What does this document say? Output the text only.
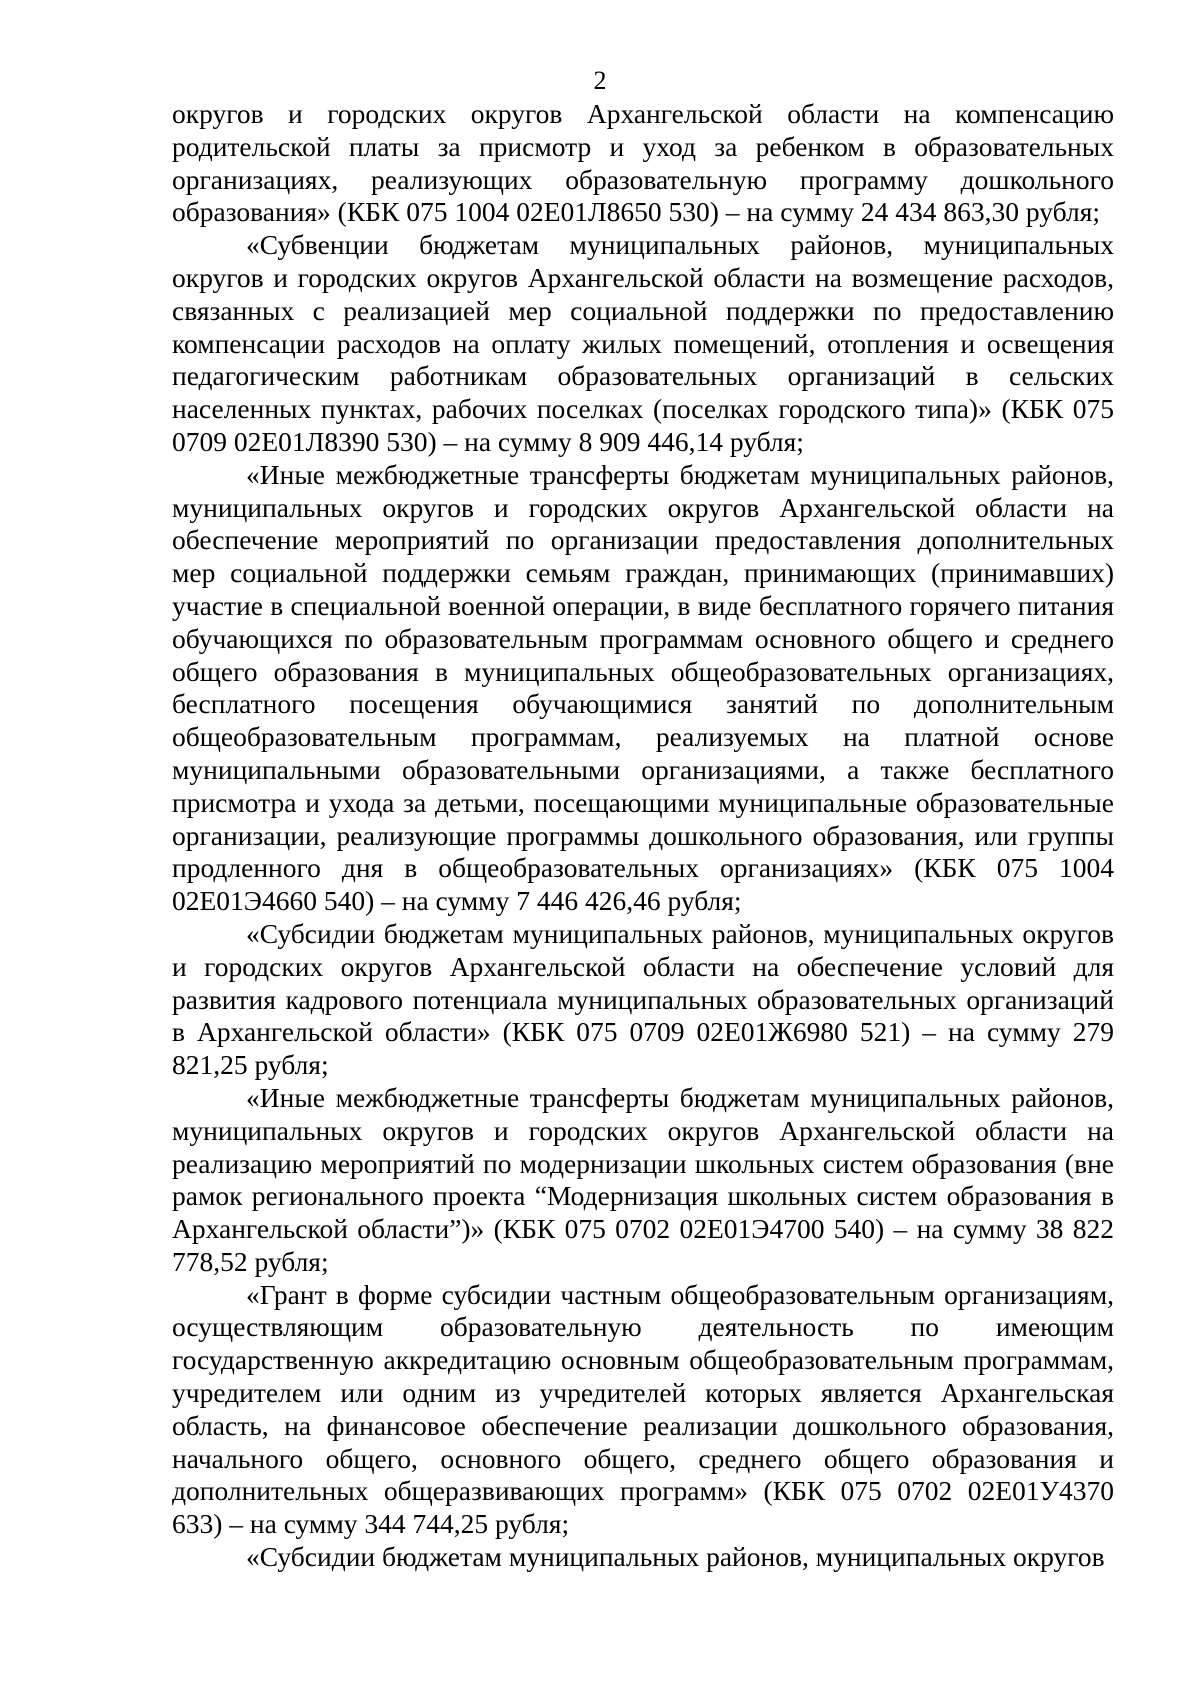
2

округов и городских округов Архангельской области на компенсацию родительской платы за присмотр и уход за ребенком в образовательных организациях, реализующих образовательную программу дошкольного образования» (КБК 075 1004 02Е01Л8650 530) – на сумму 24 434 863,30 рубля;

«Субвенции бюджетам муниципальных районов, муниципальных округов и городских округов Архангельской области на возмещение расходов, связанных с реализацией мер социальной поддержки по предоставлению компенсации расходов на оплату жилых помещений, отопления и освещения педагогическим работникам образовательных организаций в сельских населенных пунктах, рабочих поселках (поселках городского типа)» (КБК 075 0709 02Е01Л8390 530) – на сумму 8 909 446,14 рубля;

«Иные межбюджетные трансферты бюджетам муниципальных районов, муниципальных округов и городских округов Архангельской области на обеспечение мероприятий по организации предоставления дополнительных мер социальной поддержки семьям граждан, принимающих (принимавших) участие в специальной военной операции, в виде бесплатного горячего питания обучающихся по образовательным программам основного общего и среднего общего образования в муниципальных общеобразовательных организациях, бесплатного посещения обучающимися занятий по дополнительным общеобразовательным программам, реализуемых на платной основе муниципальными образовательными организациями, а также бесплатного присмотра и ухода за детьми, посещающими муниципальные образовательные организации, реализующие программы дошкольного образования, или группы продленного дня в общеобразовательных организациях» (КБК 075 1004 02Е01Э4660 540) – на сумму 7 446 426,46 рубля;

«Субсидии бюджетам муниципальных районов, муниципальных округов и городских округов Архангельской области на обеспечение условий для развития кадрового потенциала муниципальных образовательных организаций в Архангельской области» (КБК 075 0709 02Е01Ж6980 521) – на сумму 279 821,25 рубля;

«Иные межбюджетные трансферты бюджетам муниципальных районов, муниципальных округов и городских округов Архангельской области на реализацию мероприятий по модернизации школьных систем образования (вне рамок регионального проекта “Модернизация школьных систем образования в Архангельской области”)» (КБК 075 0702 02Е01Э4700 540) – на сумму 38 822 778,52 рубля;

«Грант в форме субсидии частным общеобразовательным организациям, осуществляющим образовательную деятельность по имеющим государственную аккредитацию основным общеобразовательным программам, учредителем или одним из учредителей которых является Архангельская область, на финансовое обеспечение реализации дошкольного образования, начального общего, основного общего, среднего общего образования и дополнительных общеразвивающих программ» (КБК 075 0702 02Е01У4370 633) – на сумму 344 744,25 рубля;

«Субсидии бюджетам муниципальных районов, муниципальных округов
